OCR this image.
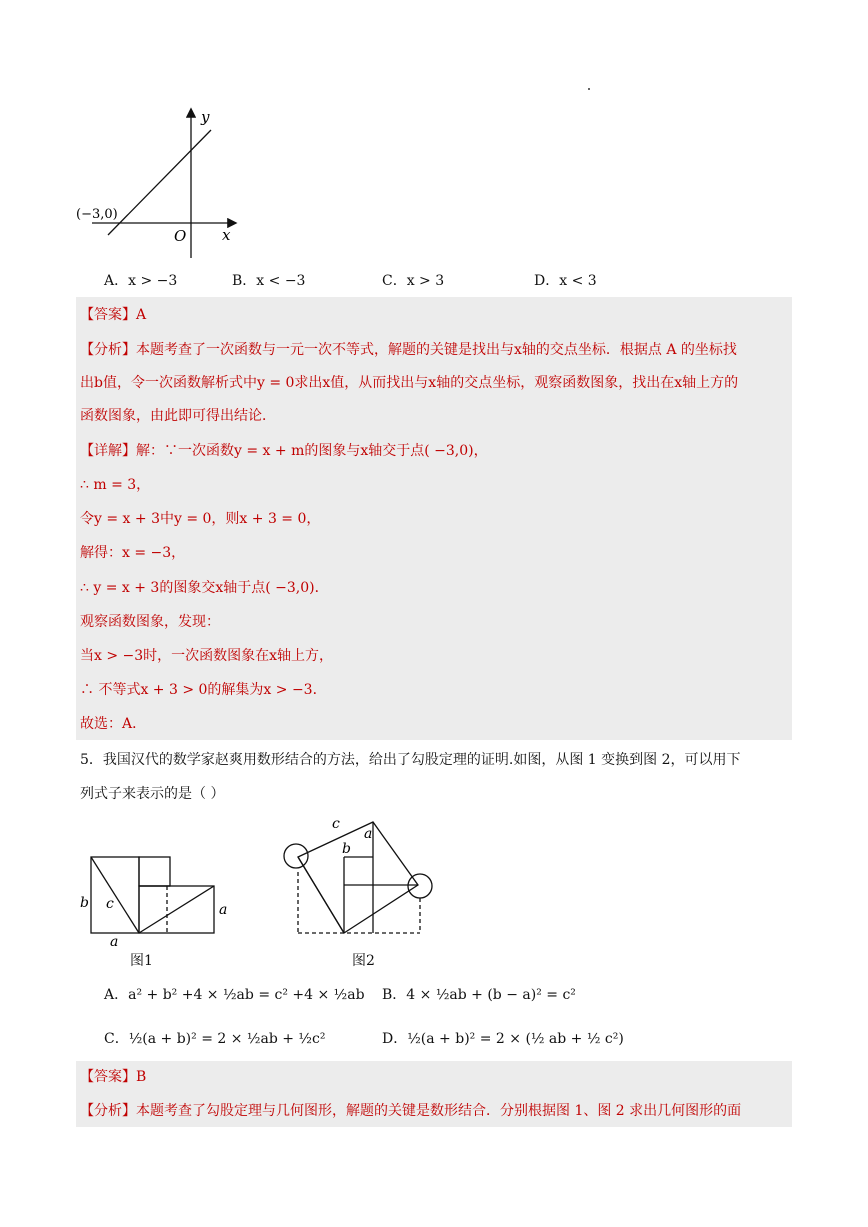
y
x
O
(−3,0)
A．x > −3	B．x < −3	C．x > 3	D．x < 3
【答案】A
【分析】本题考查了一次函数与一元一次不等式，解题的关键是找出与x轴的交点坐标．根据点 A 的坐标找
出b值，令一次函数解析式中y = 0求出x值，从而找出与x轴的交点坐标，观察函数图象，找出在x轴上方的
函数图象，由此即可得出结论．
【详解】解：∵一次函数y = x + m的图象与x轴交于点( −3,0)，
∴ m = 3，
令y = x + 3中y = 0，则x + 3 = 0，
解得：x = −3，
∴ y = x + 3的图象交x轴于点( −3,0)．
观察函数图象，发现：
当x > −3时，一次函数图象在x轴上方，
∴ 不等式x + 3 > 0的解集为x > −3．
故选：A．
5．我国汉代的数学家赵爽用数形结合的方法，给出了勾股定理的证明.如图，从图 1 变换到图 2，可以用下
列式子来表示的是（ ）
b c
a
a
图1
c
a
b
图2
A．a² + b² +4 × ½ab = c² +4 × ½ab B．4 × ½ab + (b − a)² = c²
C．½(a + b)² = 2 × ½ab + ½c²	D．½(a + b)² = 2 × (½ ab + ½ c²)
【答案】B
【分析】本题考查了勾股定理与几何图形，解题的关键是数形结合．分别根据图 1、图 2 求出几何图形的面
